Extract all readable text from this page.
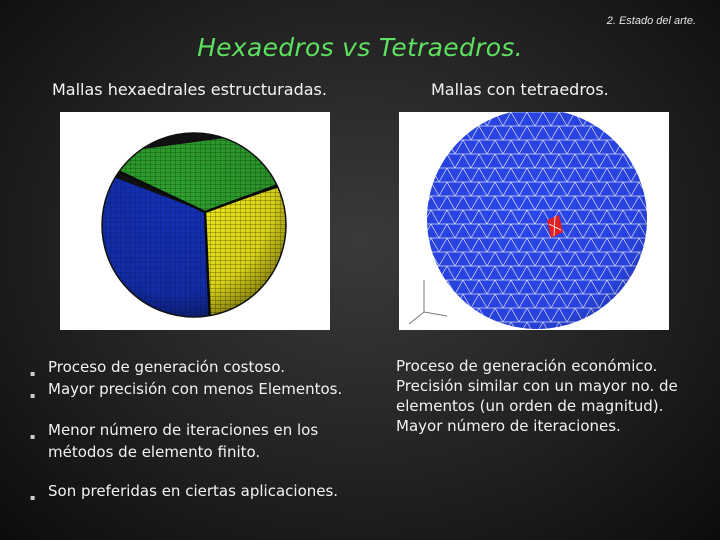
2. Estado del arte.
Hexaedros vs Tetraedros.
Mallas hexaedrales estructuradas.	Mallas con tetraedros.
▪ Proceso de generación costoso.
▪ Mayor precisión con menos Elementos.
▪ Menor número de iteraciones en los métodos de elemento finito.
▪ Son preferidas en ciertas aplicaciones.
Proceso de generación económico.
Precisión similar con un mayor no. de elementos (un orden de magnitud).
Mayor número de iteraciones.
